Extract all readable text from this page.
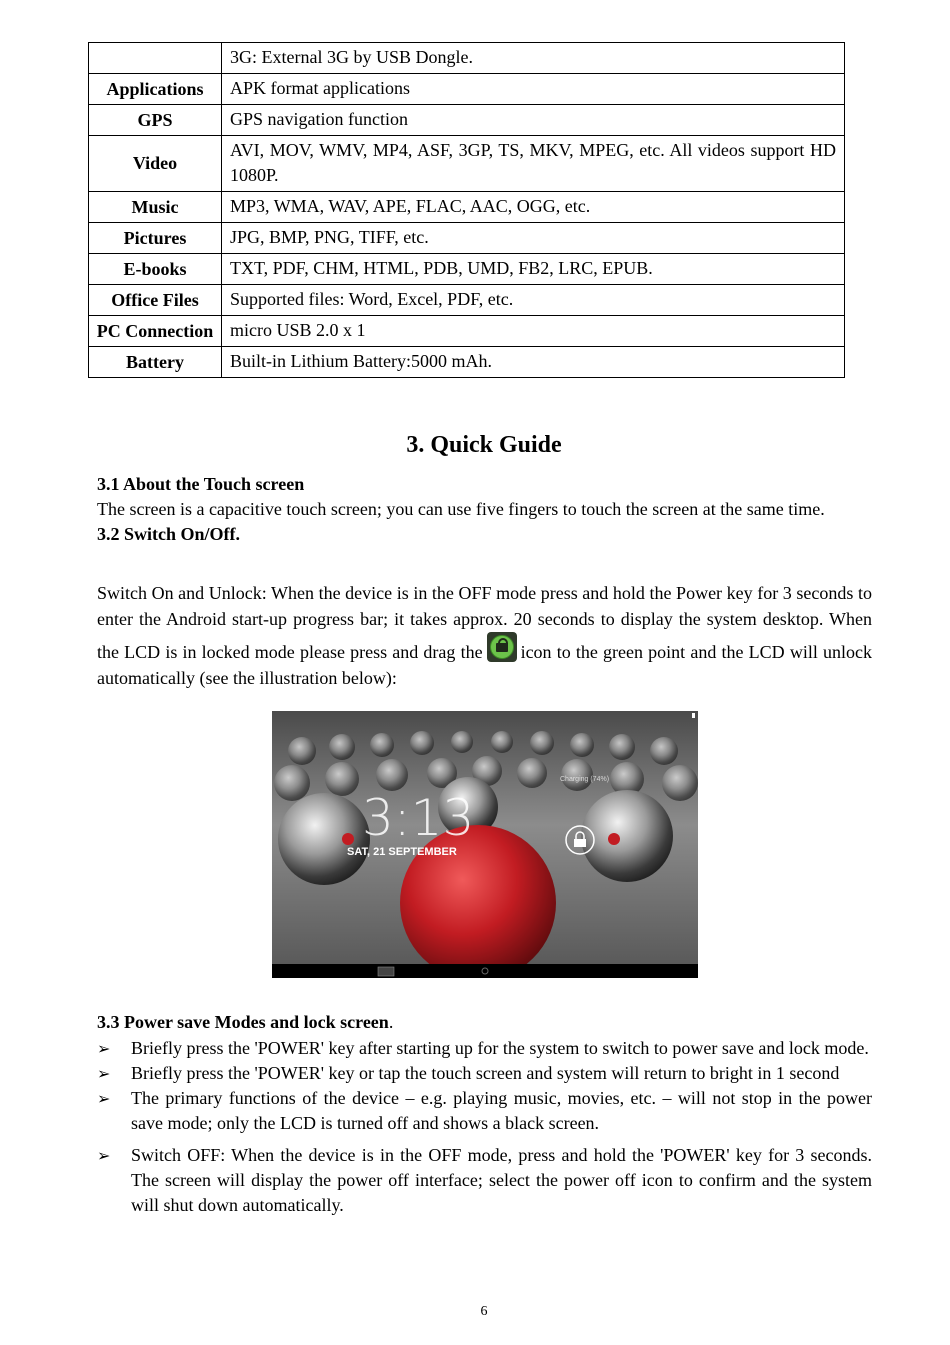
	3G: External 3G by USB Dongle.
Applications	APK format applications
GPS	GPS navigation function
Video	AVI, MOV, WMV, MP4, ASF, 3GP, TS, MKV, MPEG, etc. All videos support HD 1080P.
Music	MP3, WMA, WAV, APE, FLAC, AAC, OGG, etc.
Pictures	JPG, BMP, PNG, TIFF, etc.
E-books	TXT, PDF, CHM, HTML, PDB, UMD, FB2, LRC, EPUB.
Office Files	Supported files: Word, Excel, PDF, etc.
PC Connection	micro USB 2.0 x 1
Battery	Built-in Lithium Battery:5000 mAh.
3. Quick Guide

3.1 About the Touch screen

The screen is a capacitive touch screen; you can use five fingers to touch the screen at the same time.

3.2 Switch On/Off.

Switch On and Unlock: When the device is in the OFF mode press and hold the Power key for 3 seconds to enter the Android start-up progress bar; it takes approx. 20 seconds to display the system desktop. When the LCD is in locked mode please press and drag the icon to the green point and the LCD will unlock automatically (see the illustration below):

3:13
SAT, 21 SEPTEMBER
Charging (74%)

3.3 Power save Modes and lock screen.

➢ Briefly press the 'POWER' key after starting up for the system to switch to power save and lock mode.
➢ Briefly press the 'POWER' key or tap the touch screen and system will return to bright in 1 second
➢ The primary functions of the device – e.g. playing music, movies, etc. – will not stop in the power save mode; only the LCD is turned off and shows a black screen.
➢ Switch OFF: When the device is in the OFF mode, press and hold the 'POWER' key for 3 seconds. The screen will display the power off interface; select the power off icon to confirm and the system will shut down automatically.
6
